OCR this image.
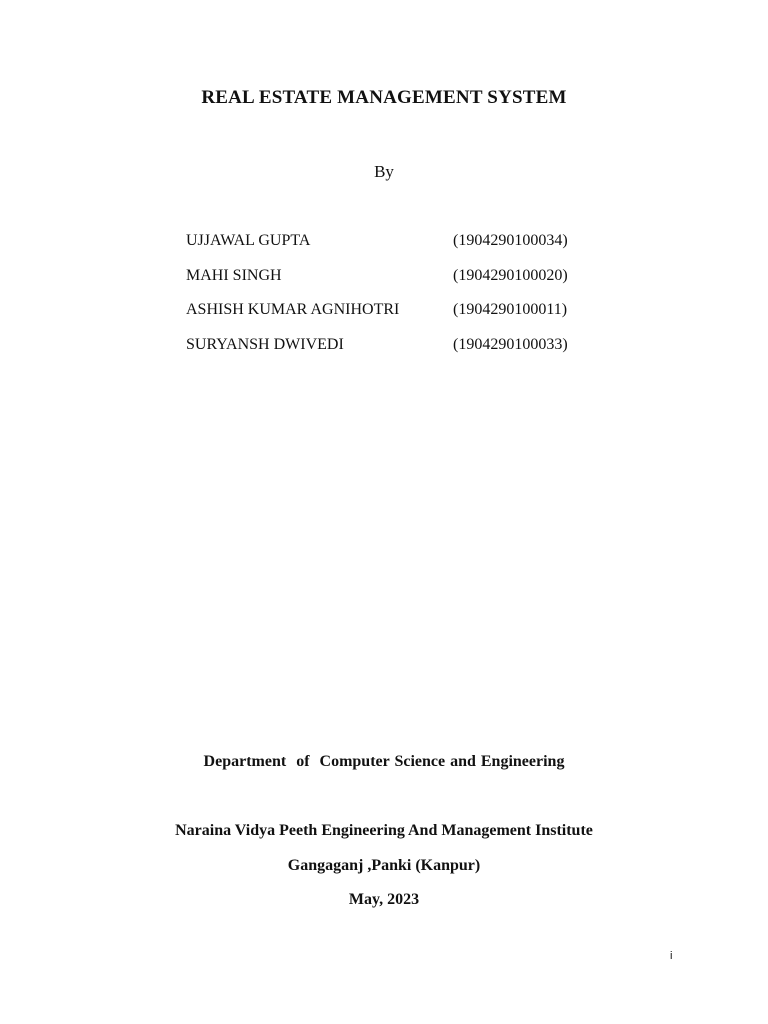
REAL ESTATE MANAGEMENT SYSTEM
By
UJJAWAL GUPTA	(1904290100034)
MAHI SINGH	(1904290100020)
ASHISH KUMAR AGNIHOTRI	(1904290100011)
SURYANSH DWIVEDI	(1904290100033)
Department  of  Computer Science and Engineering
Naraina Vidya Peeth Engineering And Management Institute
Gangaganj ,Panki (Kanpur)
May, 2023
i
